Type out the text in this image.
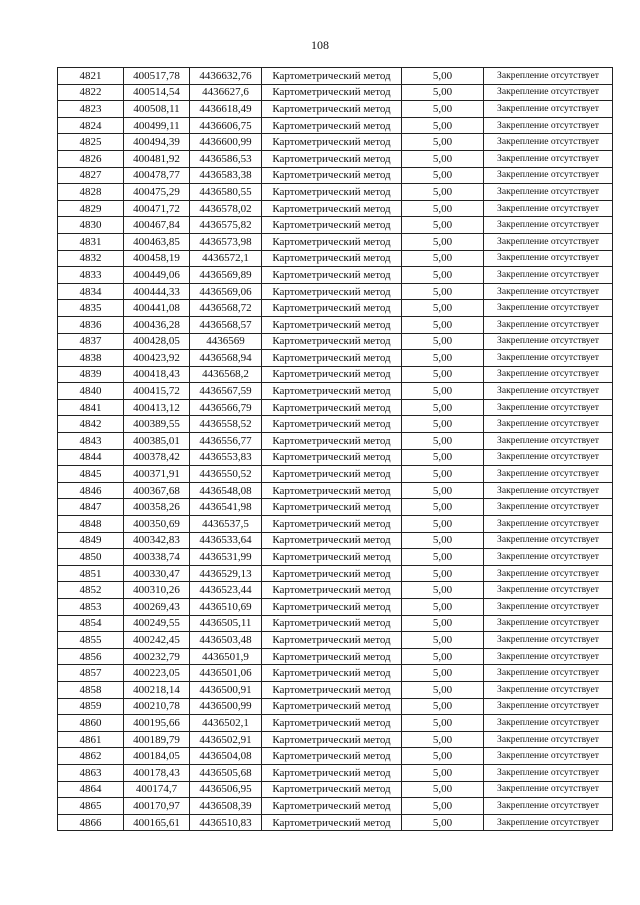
108
4821	400517,78	4436632,76	Картометрический метод	5,00	Закрепление отсутствует
4822	400514,54	4436627,6	Картометрический метод	5,00	Закрепление отсутствует
4823	400508,11	4436618,49	Картометрический метод	5,00	Закрепление отсутствует
4824	400499,11	4436606,75	Картометрический метод	5,00	Закрепление отсутствует
4825	400494,39	4436600,99	Картометрический метод	5,00	Закрепление отсутствует
4826	400481,92	4436586,53	Картометрический метод	5,00	Закрепление отсутствует
4827	400478,77	4436583,38	Картометрический метод	5,00	Закрепление отсутствует
4828	400475,29	4436580,55	Картометрический метод	5,00	Закрепление отсутствует
4829	400471,72	4436578,02	Картометрический метод	5,00	Закрепление отсутствует
4830	400467,84	4436575,82	Картометрический метод	5,00	Закрепление отсутствует
4831	400463,85	4436573,98	Картометрический метод	5,00	Закрепление отсутствует
4832	400458,19	4436572,1	Картометрический метод	5,00	Закрепление отсутствует
4833	400449,06	4436569,89	Картометрический метод	5,00	Закрепление отсутствует
4834	400444,33	4436569,06	Картометрический метод	5,00	Закрепление отсутствует
4835	400441,08	4436568,72	Картометрический метод	5,00	Закрепление отсутствует
4836	400436,28	4436568,57	Картометрический метод	5,00	Закрепление отсутствует
4837	400428,05	4436569	Картометрический метод	5,00	Закрепление отсутствует
4838	400423,92	4436568,94	Картометрический метод	5,00	Закрепление отсутствует
4839	400418,43	4436568,2	Картометрический метод	5,00	Закрепление отсутствует
4840	400415,72	4436567,59	Картометрический метод	5,00	Закрепление отсутствует
4841	400413,12	4436566,79	Картометрический метод	5,00	Закрепление отсутствует
4842	400389,55	4436558,52	Картометрический метод	5,00	Закрепление отсутствует
4843	400385,01	4436556,77	Картометрический метод	5,00	Закрепление отсутствует
4844	400378,42	4436553,83	Картометрический метод	5,00	Закрепление отсутствует
4845	400371,91	4436550,52	Картометрический метод	5,00	Закрепление отсутствует
4846	400367,68	4436548,08	Картометрический метод	5,00	Закрепление отсутствует
4847	400358,26	4436541,98	Картометрический метод	5,00	Закрепление отсутствует
4848	400350,69	4436537,5	Картометрический метод	5,00	Закрепление отсутствует
4849	400342,83	4436533,64	Картометрический метод	5,00	Закрепление отсутствует
4850	400338,74	4436531,99	Картометрический метод	5,00	Закрепление отсутствует
4851	400330,47	4436529,13	Картометрический метод	5,00	Закрепление отсутствует
4852	400310,26	4436523,44	Картометрический метод	5,00	Закрепление отсутствует
4853	400269,43	4436510,69	Картометрический метод	5,00	Закрепление отсутствует
4854	400249,55	4436505,11	Картометрический метод	5,00	Закрепление отсутствует
4855	400242,45	4436503,48	Картометрический метод	5,00	Закрепление отсутствует
4856	400232,79	4436501,9	Картометрический метод	5,00	Закрепление отсутствует
4857	400223,05	4436501,06	Картометрический метод	5,00	Закрепление отсутствует
4858	400218,14	4436500,91	Картометрический метод	5,00	Закрепление отсутствует
4859	400210,78	4436500,99	Картометрический метод	5,00	Закрепление отсутствует
4860	400195,66	4436502,1	Картометрический метод	5,00	Закрепление отсутствует
4861	400189,79	4436502,91	Картометрический метод	5,00	Закрепление отсутствует
4862	400184,05	4436504,08	Картометрический метод	5,00	Закрепление отсутствует
4863	400178,43	4436505,68	Картометрический метод	5,00	Закрепление отсутствует
4864	400174,7	4436506,95	Картометрический метод	5,00	Закрепление отсутствует
4865	400170,97	4436508,39	Картометрический метод	5,00	Закрепление отсутствует
4866	400165,61	4436510,83	Картометрический метод	5,00	Закрепление отсутствует
